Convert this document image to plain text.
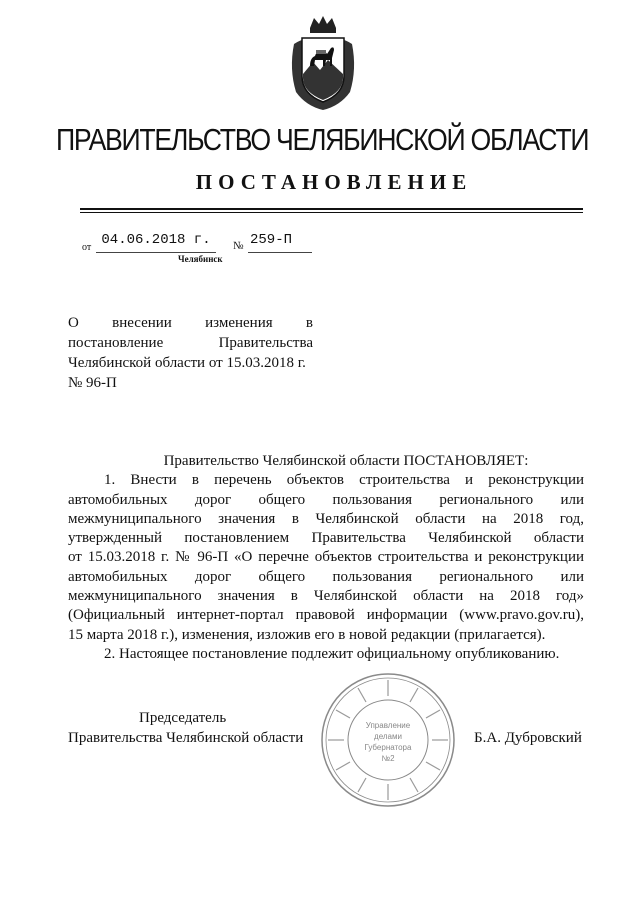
ПРАВИТЕЛЬСТВО ЧЕЛЯБИНСКОЙ ОБЛАСТИ
ПОСТАНОВЛЕНИЕ
от 04.06.2018 г.	№ 259-П
Челябинск
О внесении изменения в
постановление	Правительства
Челябинской области от 15.03.2018 г.
№ 96-П
Правительство Челябинской области ПОСТАНОВЛЯЕТ:
1. Внести в перечень объектов строительства и реконструкции
автомобильных дорог общего пользования регионального или
межмуниципального значения в Челябинской области на 2018 год,
утвержденный постановлением Правительства Челябинской области
от 15.03.2018 г. № 96-П «О перечне объектов строительства и реконструкции
автомобильных дорог общего пользования регионального или
межмуниципального значения в Челябинской области на 2018 год»
(Официальный интернет-портал правовой информации (www.pravo.gov.ru),
15 марта 2018 г.), изменения, изложив его в новой редакции (прилагается).
2. Настоящее постановление подлежит официальному опубликованию.
Председатель
Правительства Челябинской области	Б.А. Дубровский
Управление
делами
Губернатора
№2
